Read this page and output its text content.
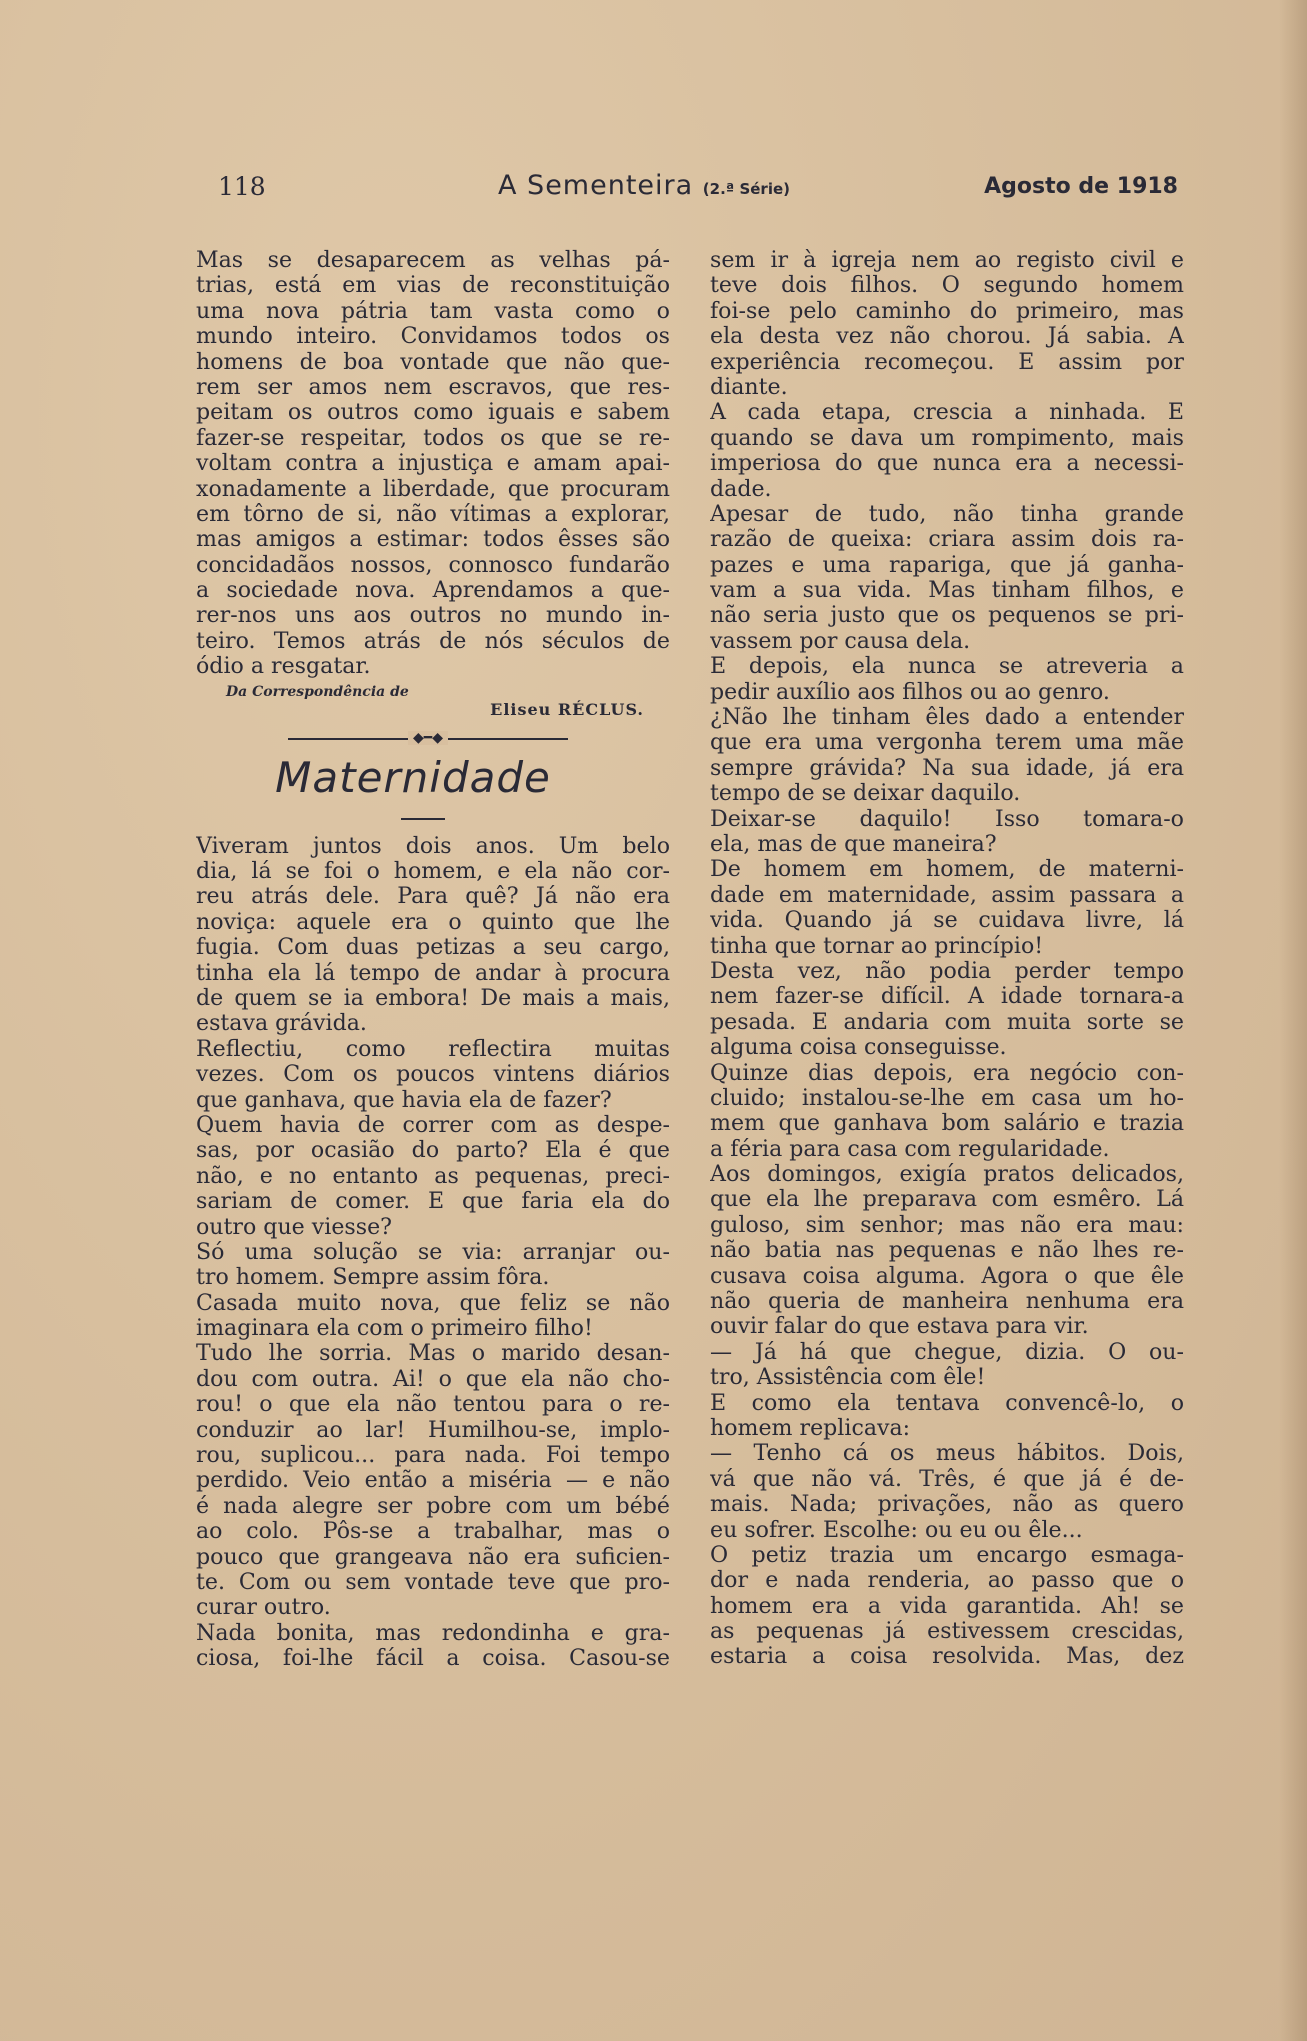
118	A Sementeira (2.ª Série)	Agosto de 1918
Mas se desaparecem as velhas pá-
trias, está em vias de reconstituição
uma nova pátria tam vasta como o
mundo inteiro. Convidamos todos os
homens de boa vontade que não que-
rem ser amos nem escravos, que res-
peitam os outros como iguais e sabem
fazer-se respeitar, todos os que se re-
voltam contra a injustiça e amam apai-
xonadamente a liberdade, que procuram
em tôrno de si, não vítimas a explorar,
mas amigos a estimar: todos êsses são
concidadãos nossos, connosco fundarão
a sociedade nova. Aprendamos a que-
rer-nos uns aos outros no mundo in-
teiro. Temos atrás de nós séculos de
ódio a resgatar.
Da Correspondência de
Eliseu RÉCLUS.
◆━◆
Maternidade
Viveram juntos dois anos. Um belo
dia, lá se foi o homem, e ela não cor-
reu atrás dele. Para quê? Já não era
noviça: aquele era o quinto que lhe
fugia. Com duas petizas a seu cargo,
tinha ela lá tempo de andar à procura
de quem se ia embora! De mais a mais,
estava grávida.
Reflectiu, como reflectira muitas
vezes. Com os poucos vintens diários
que ganhava, que havia ela de fazer?
Quem havia de correr com as despe-
sas, por ocasião do parto? Ela é que
não, e no entanto as pequenas, preci-
sariam de comer. E que faria ela do
outro que viesse?
Só uma solução se via: arranjar ou-
tro homem. Sempre assim fôra.
Casada muito nova, que feliz se não
imaginara ela com o primeiro filho!
Tudo lhe sorria. Mas o marido desan-
dou com outra. Ai! o que ela não cho-
rou! o que ela não tentou para o re-
conduzir ao lar! Humilhou-se, implo-
rou, suplicou... para nada. Foi tempo
perdido. Veio então a miséria — e não
é nada alegre ser pobre com um bébé
ao colo. Pôs-se a trabalhar, mas o
pouco que grangeava não era suficien-
te. Com ou sem vontade teve que pro-
curar outro.
Nada bonita, mas redondinha e gra-
ciosa, foi-lhe fácil a coisa. Casou-se
sem ir à igreja nem ao registo civil e
teve dois filhos. O segundo homem
foi-se pelo caminho do primeiro, mas
ela desta vez não chorou. Já sabia. A
experiência recomeçou. E assim por
diante.
A cada etapa, crescia a ninhada. E
quando se dava um rompimento, mais
imperiosa do que nunca era a necessi-
dade.
Apesar de tudo, não tinha grande
razão de queixa: criara assim dois ra-
pazes e uma rapariga, que já ganha-
vam a sua vida. Mas tinham filhos, e
não seria justo que os pequenos se pri-
vassem por causa dela.
E depois, ela nunca se atreveria a
pedir auxílio aos filhos ou ao genro.
¿Não lhe tinham êles dado a entender
que era uma vergonha terem uma mãe
sempre grávida? Na sua idade, já era
tempo de se deixar daquilo.
Deixar-se daquilo! Isso tomara-o
ela, mas de que maneira?
De homem em homem, de materni-
dade em maternidade, assim passara a
vida. Quando já se cuidava livre, lá
tinha que tornar ao princípio!
Desta vez, não podia perder tempo
nem fazer-se difícil. A idade tornara-a
pesada. E andaria com muita sorte se
alguma coisa conseguisse.
Quinze dias depois, era negócio con-
cluido; instalou-se-lhe em casa um ho-
mem que ganhava bom salário e trazia
a féria para casa com regularidade.
Aos domingos, exigía pratos delicados,
que ela lhe preparava com esmêro. Lá
guloso, sim senhor; mas não era mau:
não batia nas pequenas e não lhes re-
cusava coisa alguma. Agora o que êle
não queria de manheira nenhuma era
ouvir falar do que estava para vir.
— Já há que chegue, dizia. O ou-
tro, Assistência com êle!
E como ela tentava convencê-lo, o
homem replicava:
— Tenho cá os meus hábitos. Dois,
vá que não vá. Três, é que já é de-
mais. Nada; privações, não as quero
eu sofrer. Escolhe: ou eu ou êle...
O petiz trazia um encargo esmaga-
dor e nada renderia, ao passo que o
homem era a vida garantida. Ah! se
as pequenas já estivessem crescidas,
estaria a coisa resolvida. Mas, dez
